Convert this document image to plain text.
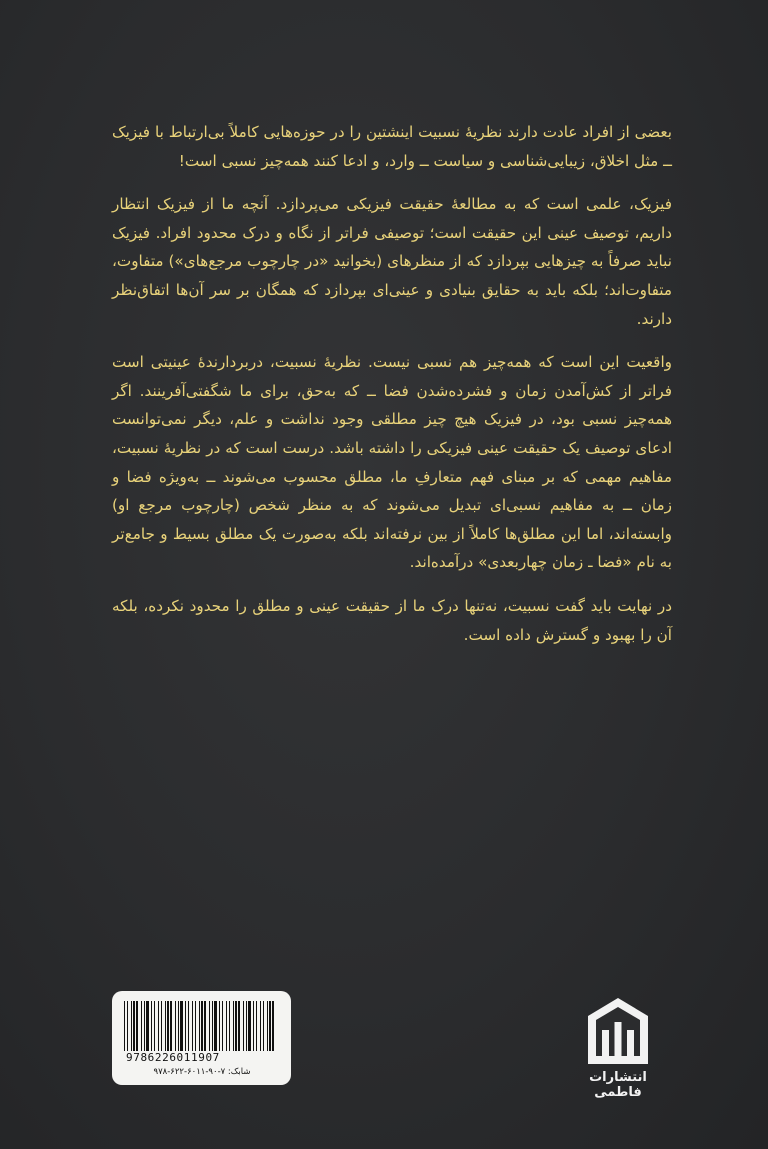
بعضی از افراد عادت دارند نظریهٔ نسبیت اینشتین را در حوزه‌هایی کاملاً بی‌ارتباط با فیزیک ــ مثل اخلاق، زیبایی‌شناسی و سیاست ــ وارد، و ادعا کنند همه‌چیز نسبی است!

فیزیک، علمی است که به مطالعهٔ حقیقت فیزیکی می‌پردازد. آنچه ما از فیزیک انتظار داریم، توصیف عینی این حقیقت است؛ توصیفی فراتر از نگاه و درک محدود افراد. فیزیک نباید صرفاً به چیزهایی بپردازد که از منظرهای (بخوانید «در چارچوب مرجع‌های») متفاوت، متفاوت‌اند؛ بلکه باید به حقایق بنیادی و عینی‌ای بپردازد که همگان بر سر آن‌ها اتفاق‌نظر دارند.

واقعیت این است که همه‌چیز هم نسبی نیست. نظریهٔ نسبیت، دربردارندهٔ عینیتی است فراتر از کش‌آمدن زمان و فشرده‌شدن فضا ــ که به‌حق، برای ما شگفتی‌آفرینند. اگر همه‌چیز نسبی بود، در فیزیک هیچ چیز مطلقی وجود نداشت و علم، دیگر نمی‌توانست ادعای توصیف یک حقیقت عینی فیزیکی را داشته باشد. درست است که در نظریهٔ نسبیت، مفاهیم مهمی که بر مبنای فهم متعارفِ ما، مطلق محسوب می‌شوند ــ به‌ویژه فضا و زمان ــ به مفاهیم نسبی‌ای تبدیل می‌شوند که به منظر شخص (چارچوب مرجع او) وابسته‌اند، اما این مطلق‌ها کاملاً از بین نرفته‌اند بلکه به‌صورت یک مطلق بسیط و جامع‌تر به نام «فضا ـ زمان چهاربعدی» درآمده‌اند.

در نهایت باید گفت نسبیت، نه‌تنها درک ما از حقیقت عینی و مطلق را محدود نکرده، بلکه آن را بهبود و گسترش داده است.

9786226011907
شابک: ۷-۹۰-۶۰۱۱-۶۲۲-۹۷۸	انتشارات فاطمی
